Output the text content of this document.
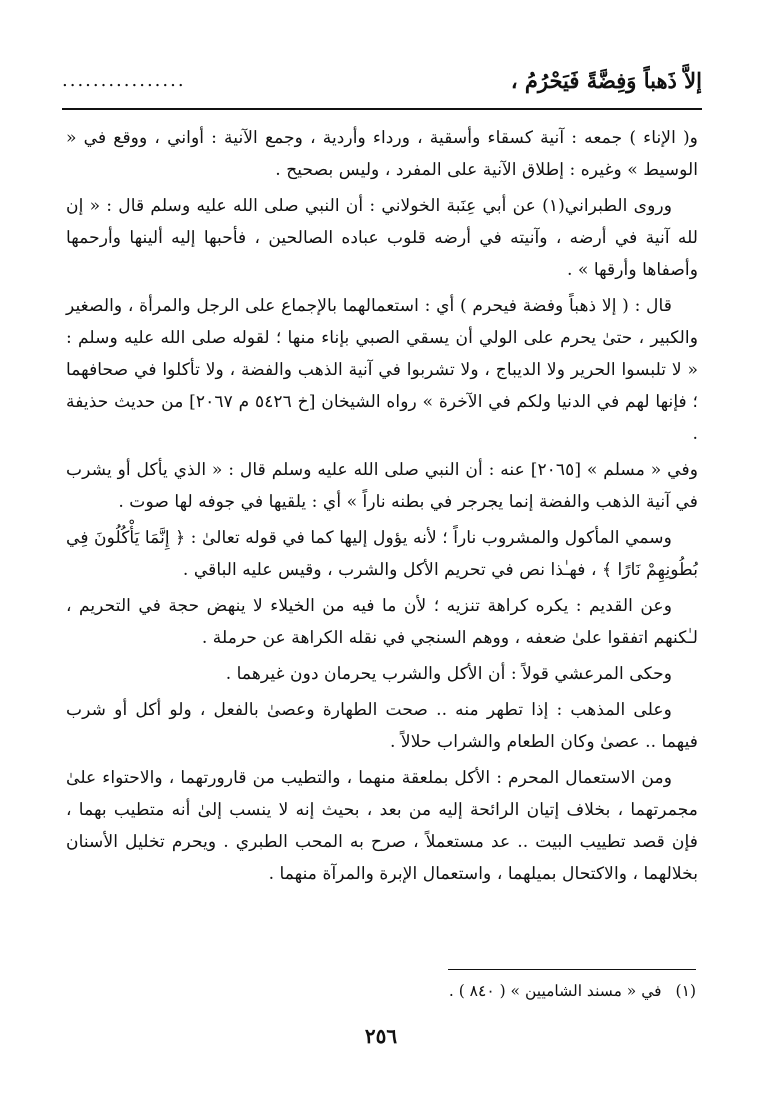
إلاَّ ذَهباً وَفِضَّةً فَيَحْرُمُ ،
................

و( الإناء ) جمعه : آنية كسقاء وأسقية ، ورداء وأردية ، وجمع الآنية : أواني ، ووقع في « الوسيط » وغيره : إطلاق الآنية على المفرد ، وليس بصحيح .

وروى الطبراني(١) عن أبي عِنَبة الخولاني : أن النبي صلى الله عليه وسلم قال : « إن لله آنية في أرضه ، وآنيته في أرضه قلوب عباده الصالحين ، فأحبها إليه ألينها وأرحمها وأصفاها وأرقها » .

قال : ( إلا ذهباً وفضة فيحرم ) أي : استعمالهما بالإجماع على الرجل والمرأة ، والصغير والكبير ، حتىٰ يحرم على الولي أن يسقي الصبي بإناء منها ؛ لقوله صلى الله عليه وسلم : « لا تلبسوا الحرير ولا الديباج ، ولا تشربوا في آنية الذهب والفضة ، ولا تأكلوا في صحافهما ؛ فإنها لهم في الدنيا ولكم في الآخرة » رواه الشيخان [خ ٥٤٢٦ م ٢٠٦٧] من حديث حذيفة .

وفي « مسلم » [٢٠٦٥] عنه : أن النبي صلى الله عليه وسلم قال : « الذي يأكل أو يشرب في آنية الذهب والفضة إنما يجرجر في بطنه ناراً » أي : يلقيها في جوفه لها صوت .

وسمي المأكول والمشروب ناراً ؛ لأنه يؤول إليها كما في قوله تعالىٰ : ﴿ إِنَّمَا يَأْكُلُونَ فِي بُطُونِهِمْ نَارًا ﴾ ، فهـٰذا نص في تحريم الأكل والشرب ، وقيس عليه الباقي .

وعن القديم : يكره كراهة تنزيه ؛ لأن ما فيه من الخيلاء لا ينهض حجة في التحريم ، لـٰكنهم اتفقوا علىٰ ضعفه ، ووهم السنجي في نقله الكراهة عن حرملة .

وحكى المرعشي قولاً : أن الأكل والشرب يحرمان دون غيرهما .

وعلى المذهب : إذا تطهر منه .. صحت الطهارة وعصىٰ بالفعل ، ولو أكل أو شرب فيهما .. عصىٰ وكان الطعام والشراب حلالاً .

ومن الاستعمال المحرم : الأكل بملعقة منهما ، والتطيب من قارورتهما ، والاحتواء علىٰ مجمرتهما ، بخلاف إتيان الرائحة إليه من بعد ، بحيث إنه لا ينسب إلىٰ أنه متطيب بهما ، فإن قصد تطييب البيت .. عد مستعملاً ، صرح به المحب الطبري . ويحرم تخليل الأسنان بخلالهما ، والاكتحال بميلهما ، واستعمال الإبرة والمرآة منهما .

(١)في « مسند الشاميين » ( ٨٤٠ ) .
٢٥٦
